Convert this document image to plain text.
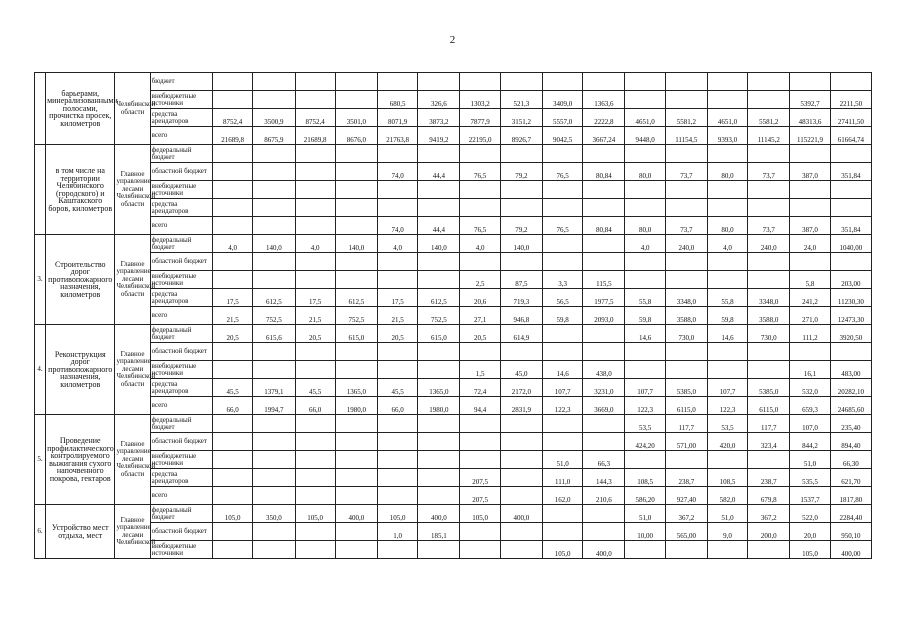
2
	барьерами, минерализованными полосами, прочистка просек, километров	Челябинской области	бюджет																
			внебюджетные источники					680,5	326,6	1303,2	521,3	3409,0	1363,6					5392,7	2211,50
			средства арендаторов	8752,4	3500,9	8752,4	3501,0	8071,9	3873,2	7877,9	3151,2	5557,0	2222,8	4651,0	5581,2	4651,0	5581,2	48313,6	27411,50
			всего	21689,8	8675,9	21689,8	8676,0	21763,8	9419,2	22195,0	8926,7	9042,5	3667,24	9448,0	11154,5	9393,0	11145,2	115221,9	61664,74
	в том числе на территории Челябинского (городского) и Каштакского боров, километров	Главное управление лесами Челябинской области	федеральный бюджет																
			областной бюджет					74,0	44,4	76,5	79,2	76,5	80,84	80,0	73,7	80,0	73,7	387,0	351,84
			внебюджетные источники																
			средства арендаторов																
			всего					74,0	44,4	76,5	79,2	76,5	80,84	80,0	73,7	80,0	73,7	387,0	351,84
3.	Строительство дорог противопожарного назначения, километров	Главное управление лесами Челябинской области	федеральный бюджет	4,0	140,0	4,0	140,0	4,0	140,0	4,0	140,0			4,0	240,0	4,0	240,0	24,0	1040,00
			областной бюджет																
			внебюджетные источники							2,5	87,5	3,3	115,5					5,8	203,00
			средства арендаторов	17,5	612,5	17,5	612,5	17,5	612,5	20,6	719,3	56,5	1977,5	55,8	3348,0	55,8	3348,0	241,2	11230,30
			всего	21,5	752,5	21,5	752,5	21,5	752,5	27,1	946,8	59,8	2093,0	59,8	3588,0	59,8	3588,0	271,0	12473,30
4.	Реконструкция дорог противопожарного назначения, километров	Главное управление лесами Челябинской области	федеральный бюджет	20,5	615,6	20,5	615,0	20,5	615,0	20,5	614,9			14,6	730,0	14,6	730,0	111,2	3920,50
			областной бюджет																
			внебюджетные источники							1,5	45,0	14,6	438,0					16,1	483,00
			средства арендаторов	45,5	1379,1	45,5	1365,0	45,5	1365,0	72,4	2172,0	107,7	3231,0	107,7	5385,0	107,7	5385,0	532,0	20282,10
			всего	66,0	1994,7	66,0	1980,0	66,0	1980,0	94,4	2831,9	122,3	3669,0	122,3	6115,0	122,3	6115,0	659,3	24685,60
5.	Проведение профилактического контролируемого выжигания сухого напочвенного покрова, гектаров	Главное управление лесами Челябинской области	федеральный бюджет											53,5	117,7	53,5	117,7	107,0	235,40
			областной бюджет											424,20	571,00	420,0	323,4	844,2	894,40
			внебюджетные источники									51,0	66,3					51,0	66,30
			средства арендаторов							207,5		111,0	144,3	108,5	238,7	108,5	238,7	535,5	621,70
			всего							207,5		162,0	210,6	586,20	927,40	582,0	679,8	1537,7	1817,80
6.	Устройство мест отдыха, мест	Главное управление лесами Челябинской	федеральный бюджет	105,0	350,0	105,0	400,0	105,0	400,0	105,0	400,0			51,0	367,2	51,0	367,2	522,0	2284,40
			областной бюджет					1,0	185,1					10,00	565,00	9,0	200,0	20,0	950,10
			внебюджетные источники									105,0	400,0					105,0	400,00
